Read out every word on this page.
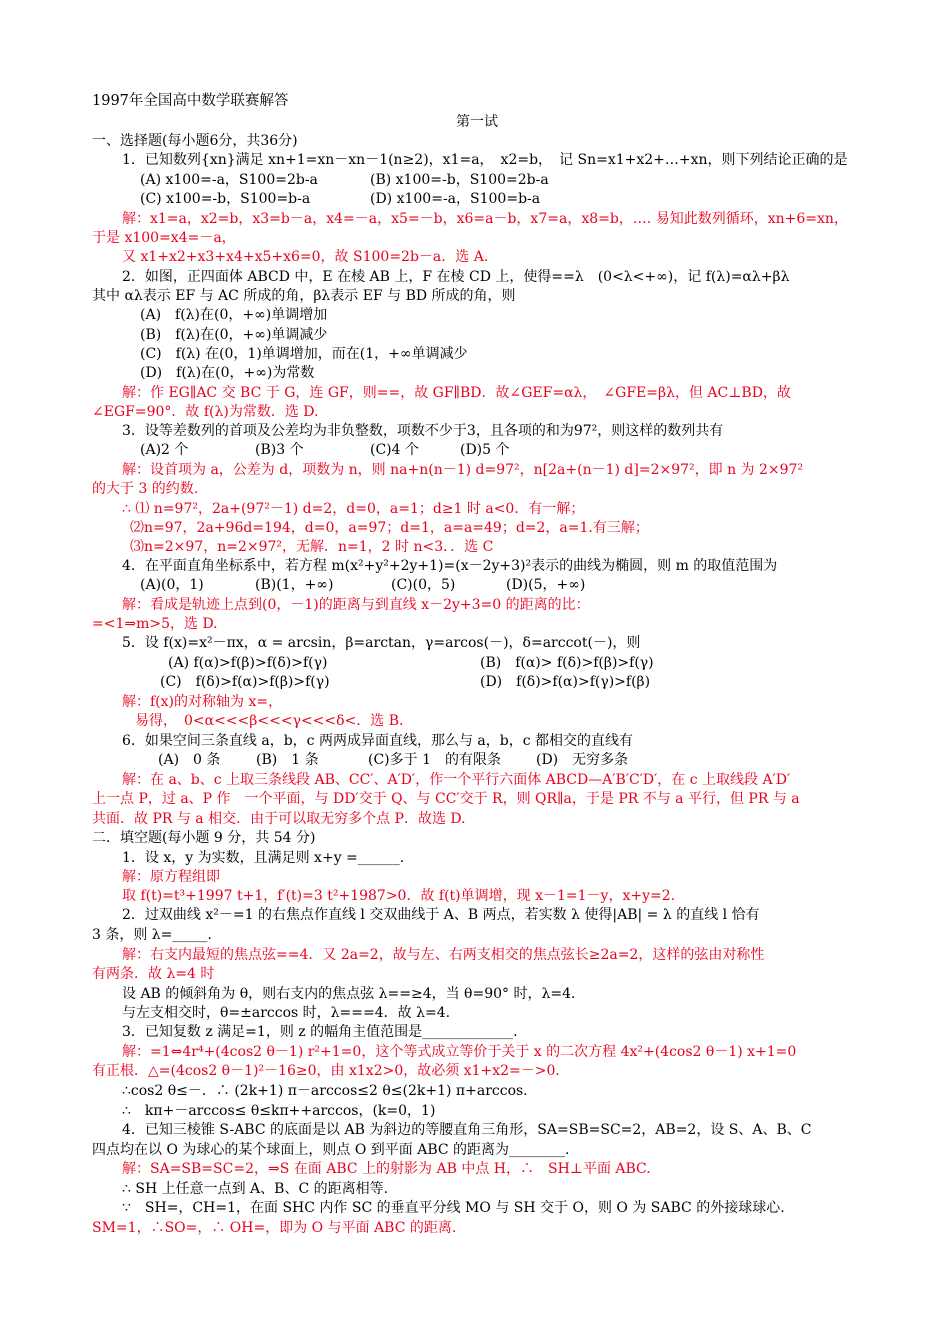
1997年全国高中数学联赛解答
第一试
一、选择题(每小题6分，共36分)
1．已知数列{xn}满足 xn+1=xn－xn－1(n≥2)，x1=a，　x2=b，　记 Sn=x1+x2+…+xn，则下列结论正确的是
(A) x100=-a，S100=2b-a	(B) x100=-b，S100=2b-a
(C) x100=-b，S100=b-a	(D) x100=-a，S100=b-a
解：x1=a，x2=b，x3=b－a，x4=－a，x5=－b，x6=a－b，x7=a，x8=b，…. 易知此数列循环，xn+6=xn，
于是 x100=x4=－a，
又 x1+x2+x3+x4+x5+x6=0，故 S100=2b－a．选 A.
2．如图，正四面体 ABCD 中，E 在棱 AB 上，F 在棱 CD 上，使得==λ　(0<λ<+∞)，记 f(λ)=αλ+βλ
其中 αλ表示 EF 与 AC 所成的角，βλ表示 EF 与 BD 所成的角，则
(A)　f(λ)在(0，+∞)单调增加
(B)　f(λ)在(0，+∞)单调减少
(C)　f(λ) 在(0，1)单调增加，而在(1，+∞单调减少
(D)　f(λ)在(0，+∞)为常数
解：作 EG∥AC 交 BC 于 G，连 GF，则==，故 GF∥BD．故∠GEF=αλ，　∠GFE=βλ，但 AC⊥BD，故
∠EGF=90°．故 f(λ)为常数．选 D.
3．设等差数列的首项及公差均为非负整数，项数不少于3，且各项的和为97²，则这样的数列共有
(A)2 个	(B)3 个	(C)4 个	(D)5 个
解：设首项为 a，公差为 d，项数为 n，则 na+n(n－1) d=97²，n[2a+(n－1) d]=2×97²，即 n 为 2×97²
的大于 3 的约数.
∴ ⑴ n=97²，2a+(97²－1) d=2，d=0，a=1；d≥1 时 a<0．有一解；
⑵n=97，2a+96d=194，d=0，a=97；d=1，a=a=49；d=2，a=1.有三解；
⑶n=2×97，n=2×97²，无解．n=1，2 时 n<3．．选 C
4．在平面直角坐标系中，若方程 m(x²+y²+2y+1)=(x－2y+3)²表示的曲线为椭圆，则 m 的取值范围为
(A)(0，1)	(B)(1，+∞)	(C)(0，5)	(D)(5，+∞)
解：看成是轨迹上点到(0，－1)的距离与到直线 x－2y+3=0 的距离的比：
=<1⇒m>5，选 D.
5．设 f(x)=x²－πx，α = arcsin，β=arctan，γ=arcos(－)，δ=arccot(－)，则
(A) f(α)>f(β)>f(δ)>f(γ)	(B)　f(α)> f(δ)>f(β)>f(γ)
(C)　f(δ)>f(α)>f(β)>f(γ)	(D)　f(δ)>f(α)>f(γ)>f(β)
解：f(x)的对称轴为 x=，
易得，　0<α<<<β<<<γ<<<δ<．选 B.
6．如果空间三条直线 a，b，c 两两成异面直线，那么与 a，b，c 都相交的直线有
(A)　0 条	(B)　1 条	(C)多于 1　的有限条	(D)　无穷多条
解：在 a、b、c 上取三条线段 AB、CC′、A′D′，作一个平行六面体 ABCD—A′B′C′D′，在 c 上取线段 A′D′
上一点 P，过 a、P 作　一个平面，与 DD′交于 Q、与 CC′交于 R，则 QR∥a，于是 PR 不与 a 平行，但 PR 与 a
共面．故 PR 与 a 相交．由于可以取无穷多个点 P．故选 D.
二．填空题(每小题 9 分，共 54 分)
1．设 x，y 为实数，且满足则 x+y =______.
解：原方程组即
取 f(t)=t³+1997 t+1，f′(t)=3 t²+1987>0．故 f(t)单调增，现 x－1=1－y，x+y=2.
2．过双曲线 x²－=1 的右焦点作直线 l 交双曲线于 A、B 两点，若实数 λ 使得|AB| = λ 的直线 l 恰有
3 条，则 λ=_____.
解：右支内最短的焦点弦==4．又 2a=2，故与左、右两支相交的焦点弦长≥2a=2，这样的弦由对称性
有两条．故 λ=4 时
设 AB 的倾斜角为 θ，则右支内的焦点弦 λ==≥4，当 θ=90° 时，λ=4.
与左支相交时，θ=±arccos 时，λ===4．故 λ=4.
3．已知复数 z 满足=1，则 z 的幅角主值范围是_____________.
解：=1⇔4r⁴+(4cos2 θ－1) r²+1=0，这个等式成立等价于关于 x 的二次方程 4x²+(4cos2 θ－1) x+1=0
有正根．△=(4cos2 θ－1)²－16≥0，由 x1x2>0，故必须 x1+x2=－>0.
∴cos2 θ≤－．∴ (2k+1) π－arccos≤2 θ≤(2k+1) π+arccos.
∴　kπ+－arccos≤ θ≤kπ++arccos，(k=0，1)
4．已知三棱锥 S-ABC 的底面是以 AB 为斜边的等腰直角三角形，SA=SB=SC=2，AB=2，设 S、A、B、C
四点均在以 O 为球心的某个球面上，则点 O 到平面 ABC 的距离为________.
解：SA=SB=SC=2，⇒S 在面 ABC 上的射影为 AB 中点 H，∴　SH⊥平面 ABC.
∴ SH 上任意一点到 A、B、C 的距离相等.
∵　SH=，CH=1，在面 SHC 内作 SC 的垂直平分线 MO 与 SH 交于 O，则 O 为 SABC 的外接球球心.
SM=1，∴SO=，∴ OH=，即为 O 与平面 ABC 的距离.
